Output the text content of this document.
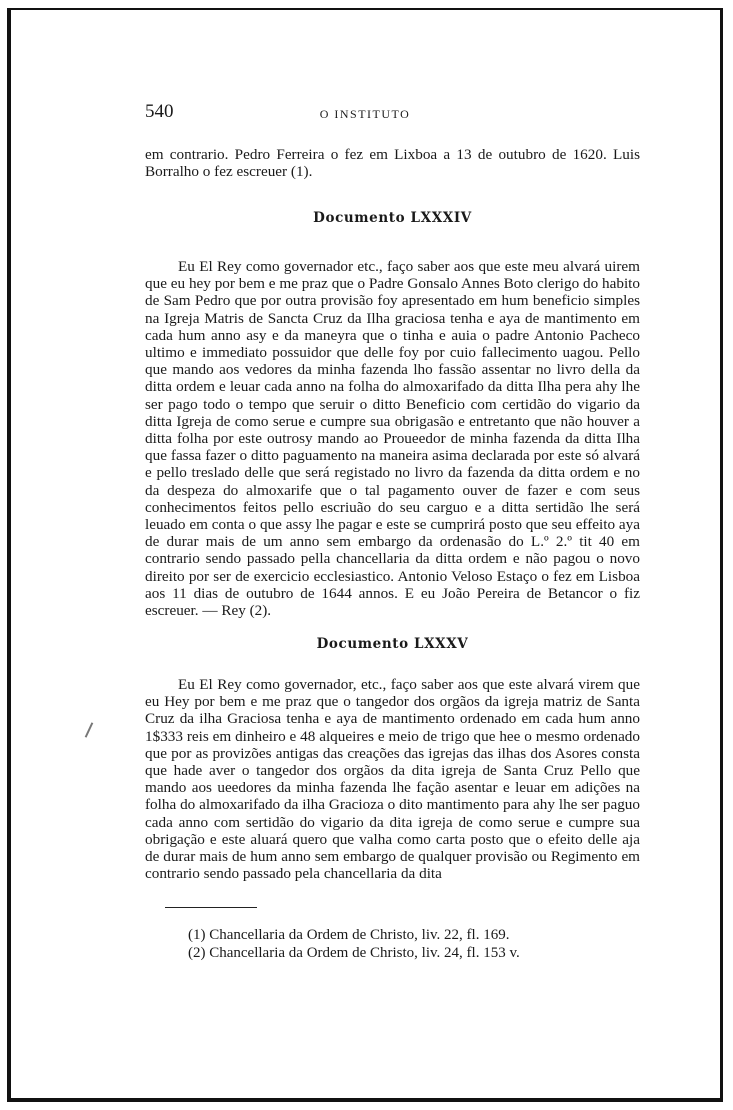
540	O INSTITUTO

em contrario. Pedro Ferreira o fez em Lixboa a 13 de outubro de 1620. Luis Borralho o fez escreuer (1).

Documento LXXXIV

Eu El Rey como governador etc., faço saber aos que este meu alvará uirem que eu hey por bem e me praz que o Padre Gonsalo Annes Boto clerigo do habito de Sam Pedro que por outra provisão foy apresentado em hum beneficio simples na Igreja Matris de Sancta Cruz da Ilha graciosa tenha e aya de mantimento em cada hum anno asy e da maneyra que o tinha e auia o padre Antonio Pacheco ultimo e immediato possuidor que delle foy por cuio fallecimento uagou. Pello que mando aos vedores da minha fazenda lho fassão assentar no livro della da ditta ordem e leuar cada anno na folha do almoxarifado da ditta Ilha pera ahy lhe ser pago todo o tempo que seruir o ditto Beneficio com certidão do vigario da ditta Igreja de como serue e cumpre sua obrigasão e entretanto que não houver a ditta folha por este outrosy mando ao Proueedor de minha fazenda da ditta Ilha que fassa fazer o ditto paguamento na maneira asima declarada por este só alvará e pello treslado delle que será registado no livro da fazenda da ditta ordem e no da despeza do almoxarife que o tal pagamento ouver de fazer e com seus conhecimentos feitos pello escriuão do seu carguo e a ditta sertidão lhe será leuado em conta o que assy lhe pagar e este se cumprirá posto que seu effeito aya de durar mais de um anno sem embargo da ordenasão do L.º 2.º tit 40 em contrario sendo passado pella chancellaria da ditta ordem e não pagou o novo direito por ser de exercicio ecclesiastico. Antonio Veloso Estaço o fez em Lisboa aos 11 dias de outubro de 1644 annos. E eu João Pereira de Betancor o fiz escreuer. — Rey (2).

Documento LXXXV

Eu El Rey como governador, etc., faço saber aos que este alvará virem que eu Hey por bem e me praz que o tangedor dos orgãos da igreja matriz de Santa Cruz da ilha Graciosa tenha e aya de mantimento ordenado em cada hum anno 1$333 reis em dinheiro e 48 alqueires e meio de trigo que hee o mesmo ordenado que por as provizões antigas das creações das igrejas das ilhas dos Asores consta que hade aver o tangedor dos orgãos da dita igreja de Santa Cruz Pello que mando aos ueedores da minha fazenda lhe fação asentar e leuar em adições na folha do almoxarifado da ilha Gracioza o dito mantimento para ahy lhe ser paguo cada anno com sertidão do vigario da dita igreja de como serue e cumpre sua obrigação e este aluará quero que valha como carta posto que o efeito delle aja de durar mais de hum anno sem embargo de qualquer provisão ou Regimento em contrario sendo passado pela chancellaria da dita

(1) Chancellaria da Ordem de Christo, liv. 22, fl. 169.
(2) Chancellaria da Ordem de Christo, liv. 24, fl. 153 v.
